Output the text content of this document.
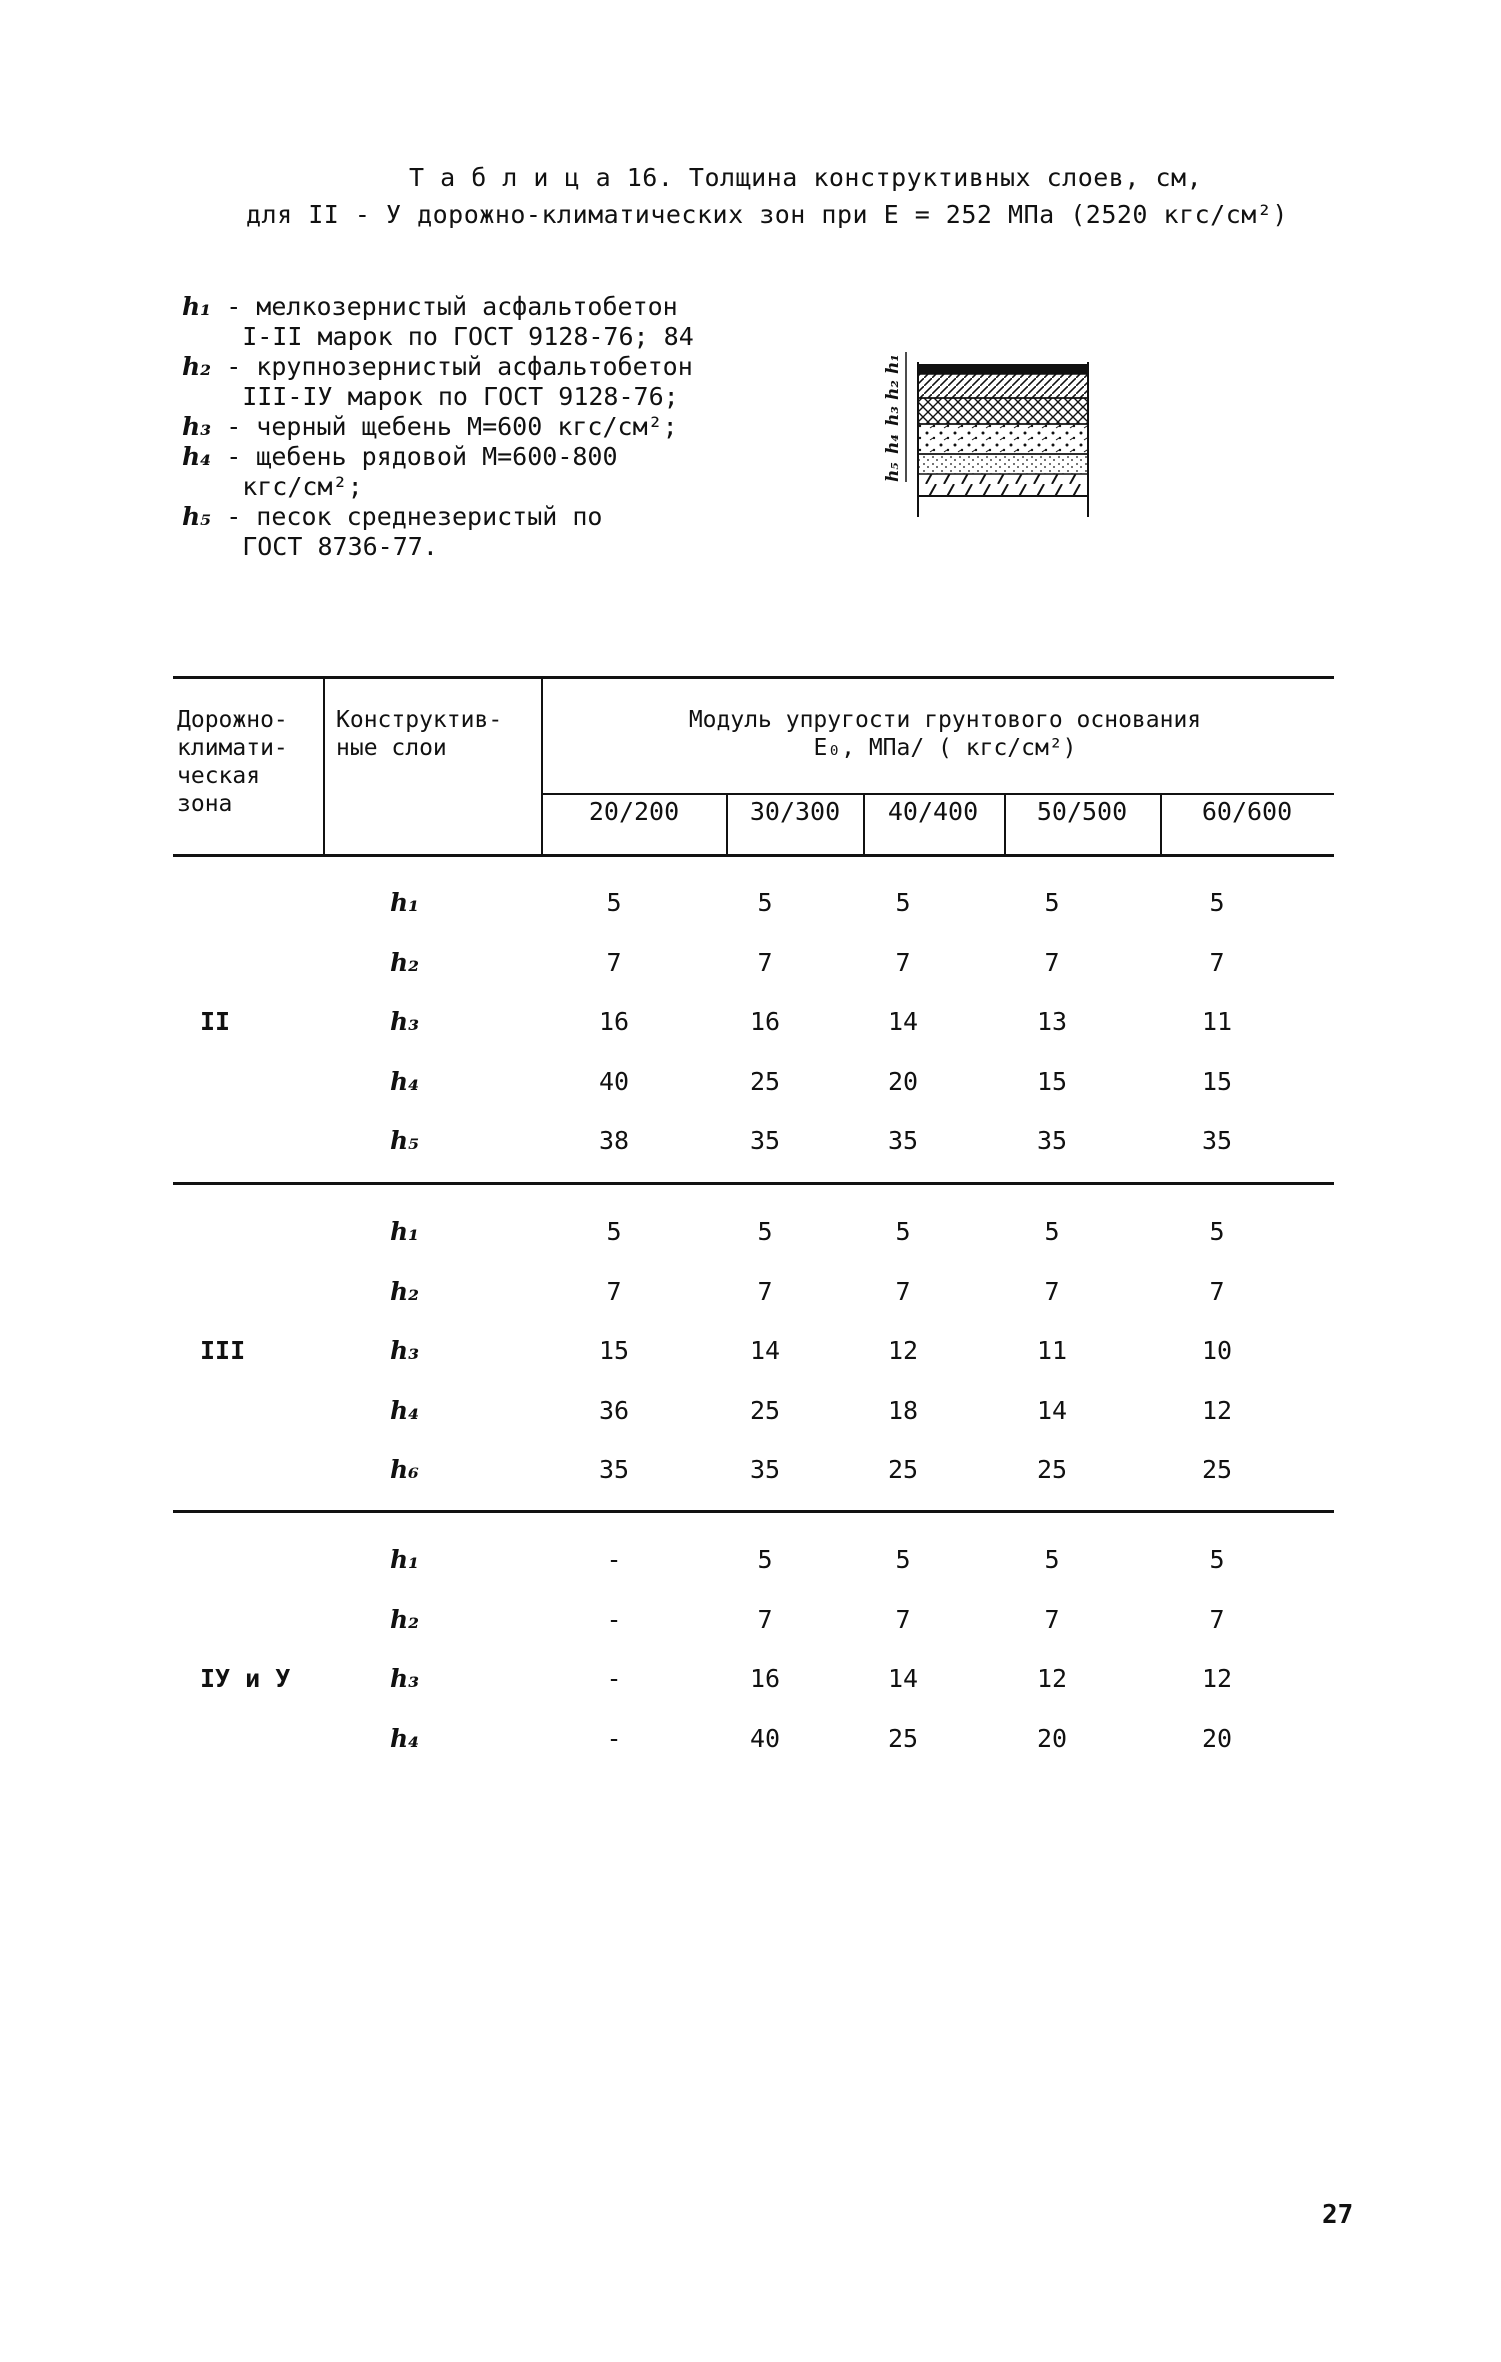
Т а б л и ц а 16. Толщина конструктивных слоев, см,
для II - У дорожно-климатических зон при E = 252 МПа (2520 кгс/см²)
h₁ - мелкозернистый асфальтобетон
I-II марок по ГОСТ 9128-76; 84
h₂ - крупнозернистый асфальтобетон
III-IУ марок по ГОСТ 9128-76;
h₃ - черный щебень М=600 кгс/см²;
h₄ - щебень рядовой М=600-800
кгс/см²;
h₅ - песок среднезеристый по
ГОСТ 8736-77.
h₅
h₄
h₃
h₂
h₁
Дорожно-
климати-
ческая
зона
Конструктив-
ные слои
Модуль упругости грунтового основания
E₀, МПа/ ( кгс/см²)
20/200	30/300	40/400	50/500	60/600
II
h₁	5	5	5	5	5
h₂	7	7	7	7	7
h₃	16	16	14	13	11
h₄	40	25	20	15	15
h₅	38	35	35	35	35
III
h₁	5	5	5	5	5
h₂	7	7	7	7	7
h₃	15	14	12	11	10
h₄	36	25	18	14	12
h₆	35	35	25	25	25
IУ и У
h₁	-	5	5	5	5
h₂	-	7	7	7	7
h₃	-	16	14	12	12
h₄	-	40	25	20	20
27
